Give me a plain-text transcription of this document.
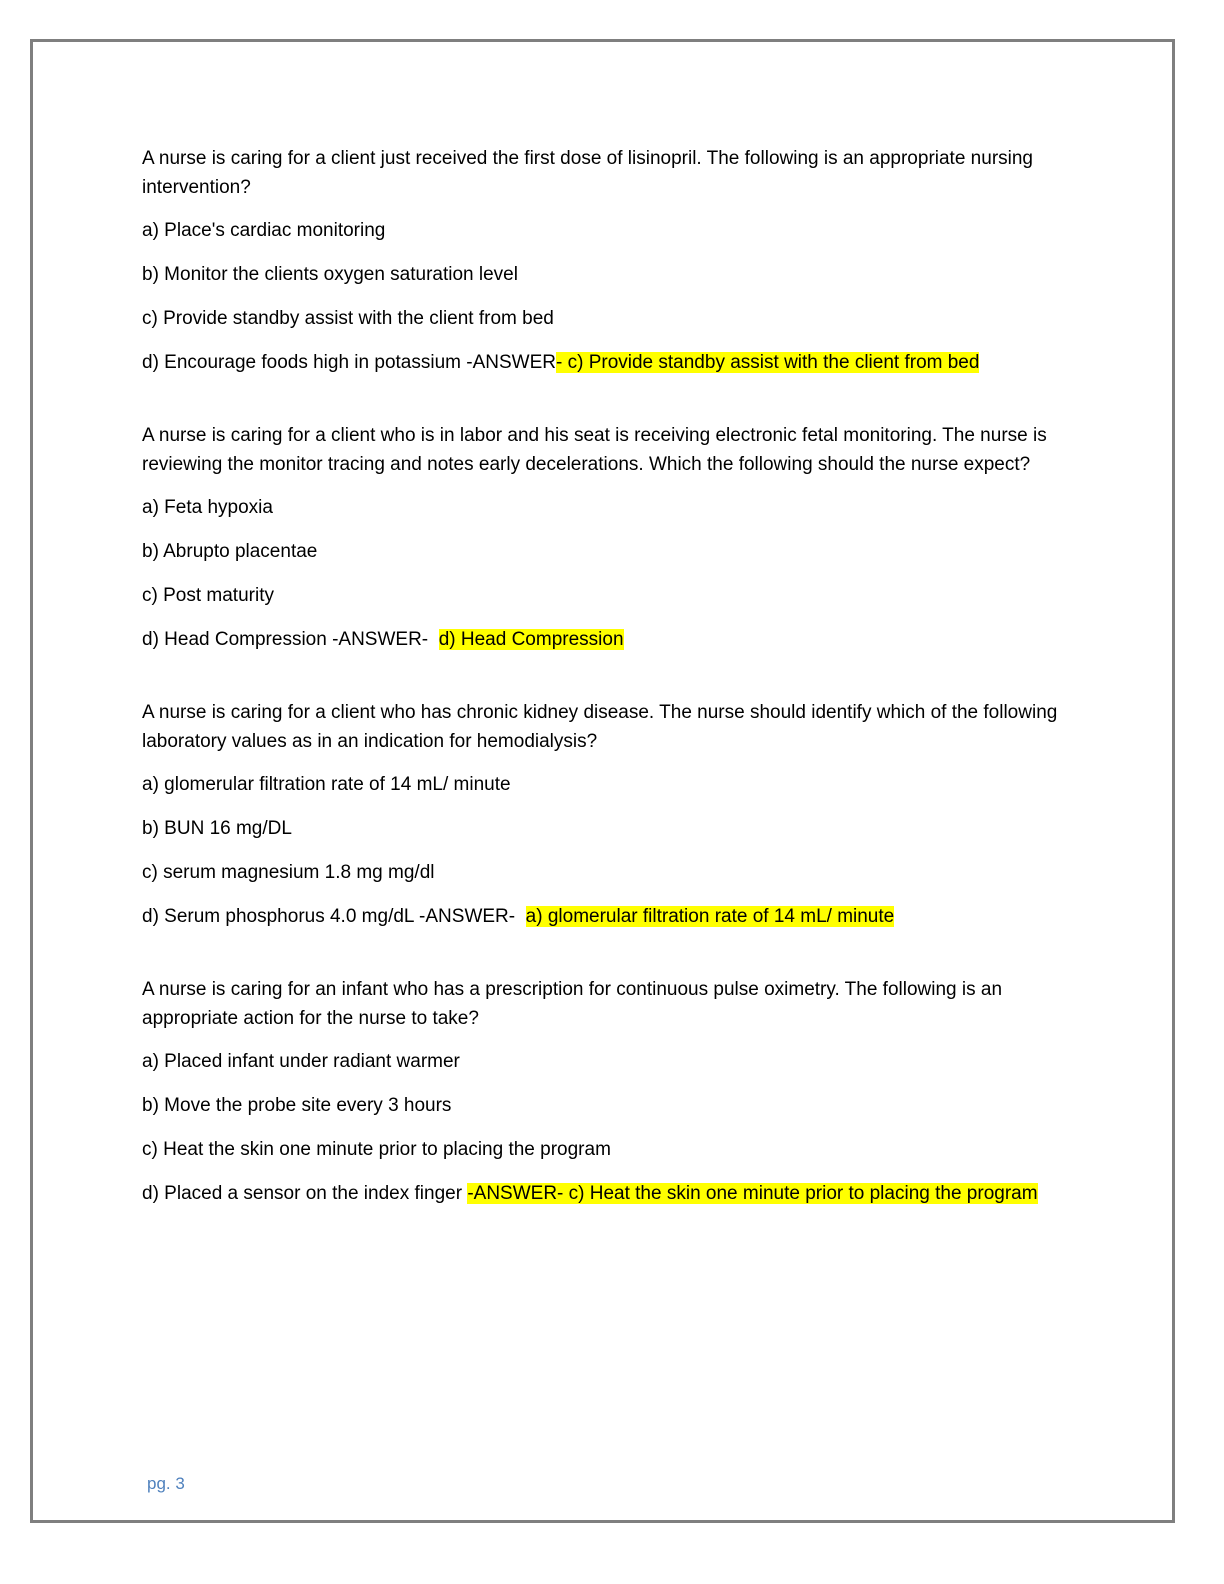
A nurse is caring for a client just received the first dose of lisinopril. The following is an appropriate nursing intervention?

a) Place's cardiac monitoring

b) Monitor the clients oxygen saturation level

c) Provide standby assist with the client from bed

d) Encourage foods high in potassium -ANSWER- c) Provide standby assist with the client from bed

A nurse is caring for a client who is in labor and his seat is receiving electronic fetal monitoring. The nurse is reviewing the monitor tracing and notes early decelerations. Which the following should the nurse expect?

a) Feta hypoxia

b) Abrupto placentae

c) Post maturity

d) Head Compression -ANSWER-  d) Head Compression

A nurse is caring for a client who has chronic kidney disease. The nurse should identify which of the following laboratory values as in an indication for hemodialysis?

a) glomerular filtration rate of 14 mL/ minute

b) BUN 16 mg/DL

c) serum magnesium 1.8 mg mg/dl

d) Serum phosphorus 4.0 mg/dL -ANSWER-  a) glomerular filtration rate of 14 mL/ minute

A nurse is caring for an infant who has a prescription for continuous pulse oximetry. The following is an appropriate action for the nurse to take?

a) Placed infant under radiant warmer

b) Move the probe site every 3 hours

c) Heat the skin one minute prior to placing the program

d) Placed a sensor on the index finger -ANSWER- c) Heat the skin one minute prior to placing the program

pg. 3
